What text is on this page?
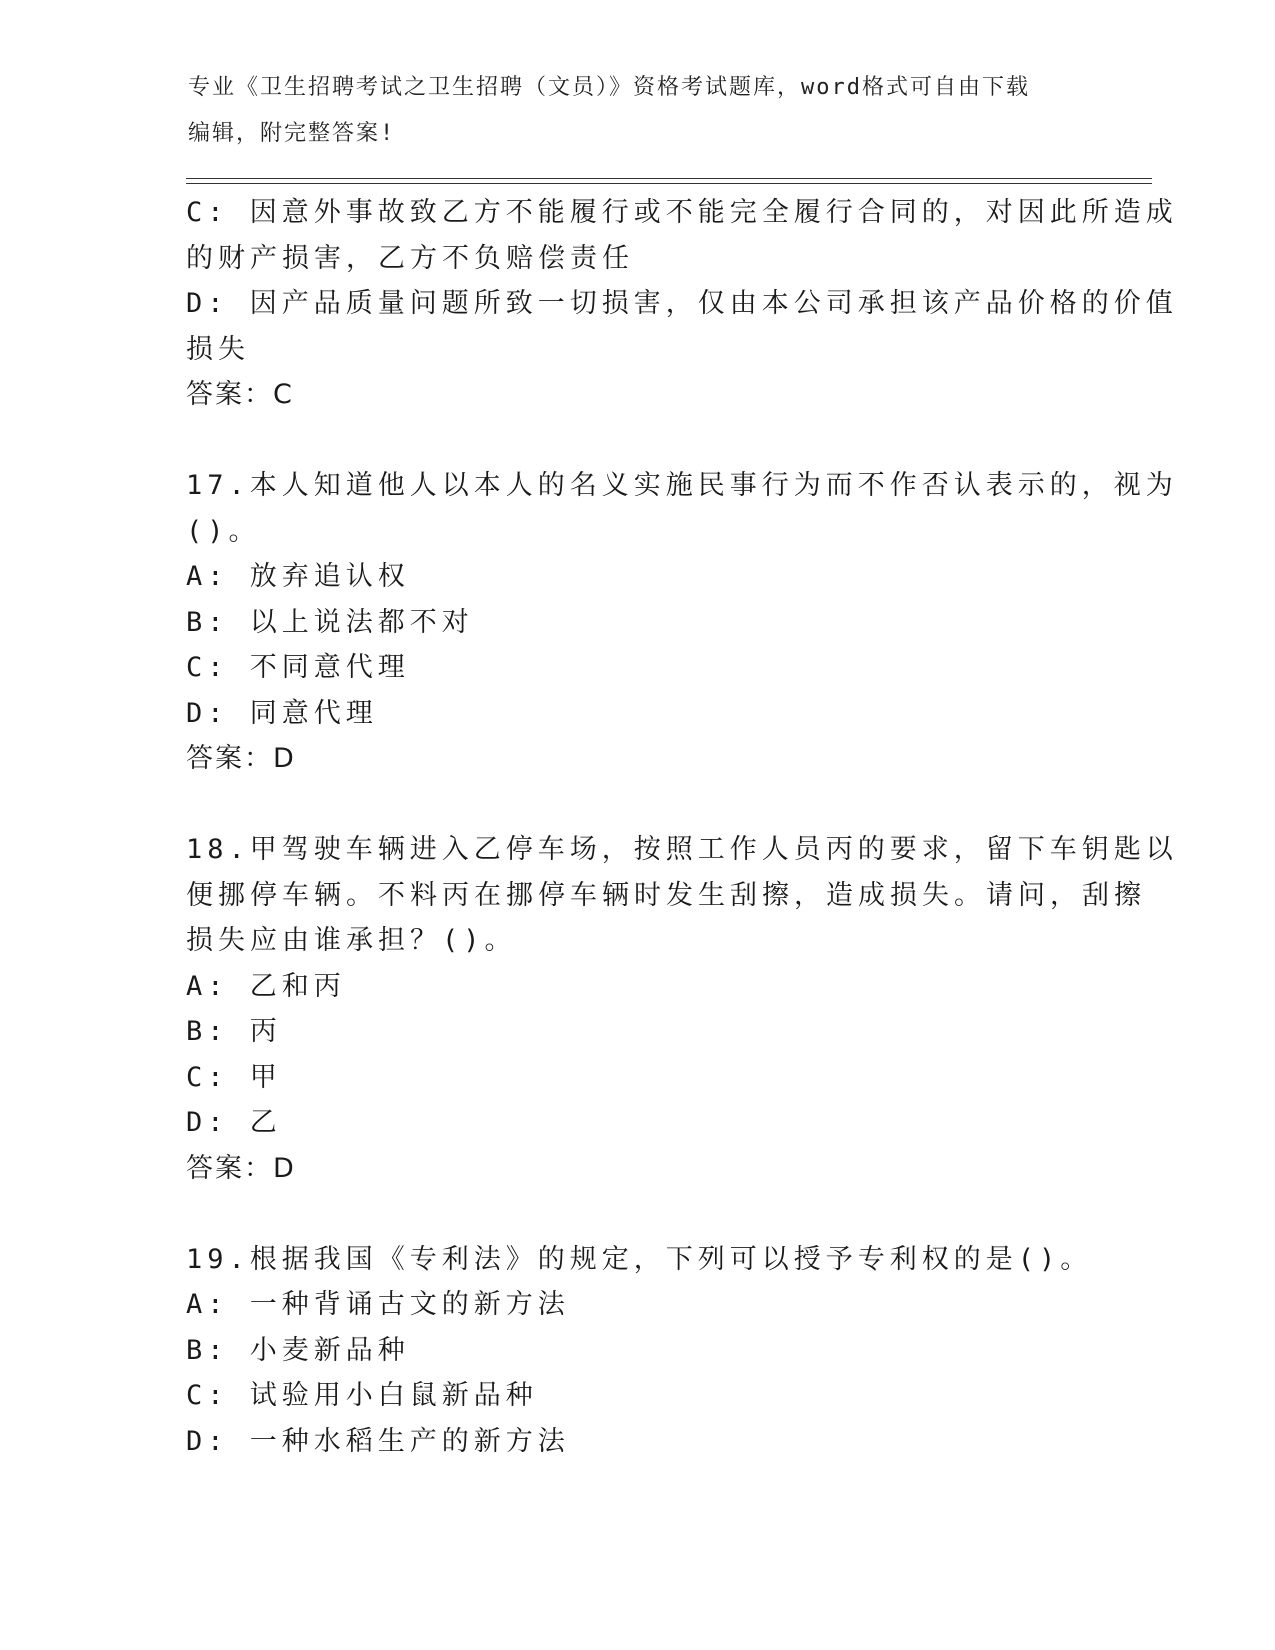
专业《卫生招聘考试之卫生招聘（文员）》资格考试题库，word格式可自由下载
编辑，附完整答案!
C: 因意外事故致乙方不能履行或不能完全履行合同的，对因此所造成
的财产损害，乙方不负赔偿责任
D: 因产品质量问题所致一切损害，仅由本公司承担该产品价格的价值
损失
答案：C
17.本人知道他人以本人的名义实施民事行为而不作否认表示的，视为
()。
A: 放弃追认权
B: 以上说法都不对
C: 不同意代理
D: 同意代理
答案：D
18.甲驾驶车辆进入乙停车场，按照工作人员丙的要求，留下车钥匙以
便挪停车辆。不料丙在挪停车辆时发生刮擦，造成损失。请问，刮擦
损失应由谁承担？()。
A: 乙和丙
B: 丙
C: 甲
D: 乙
答案：D
19.根据我国《专利法》的规定，下列可以授予专利权的是()。
A: 一种背诵古文的新方法
B: 小麦新品种
C: 试验用小白鼠新品种
D: 一种水稻生产的新方法
